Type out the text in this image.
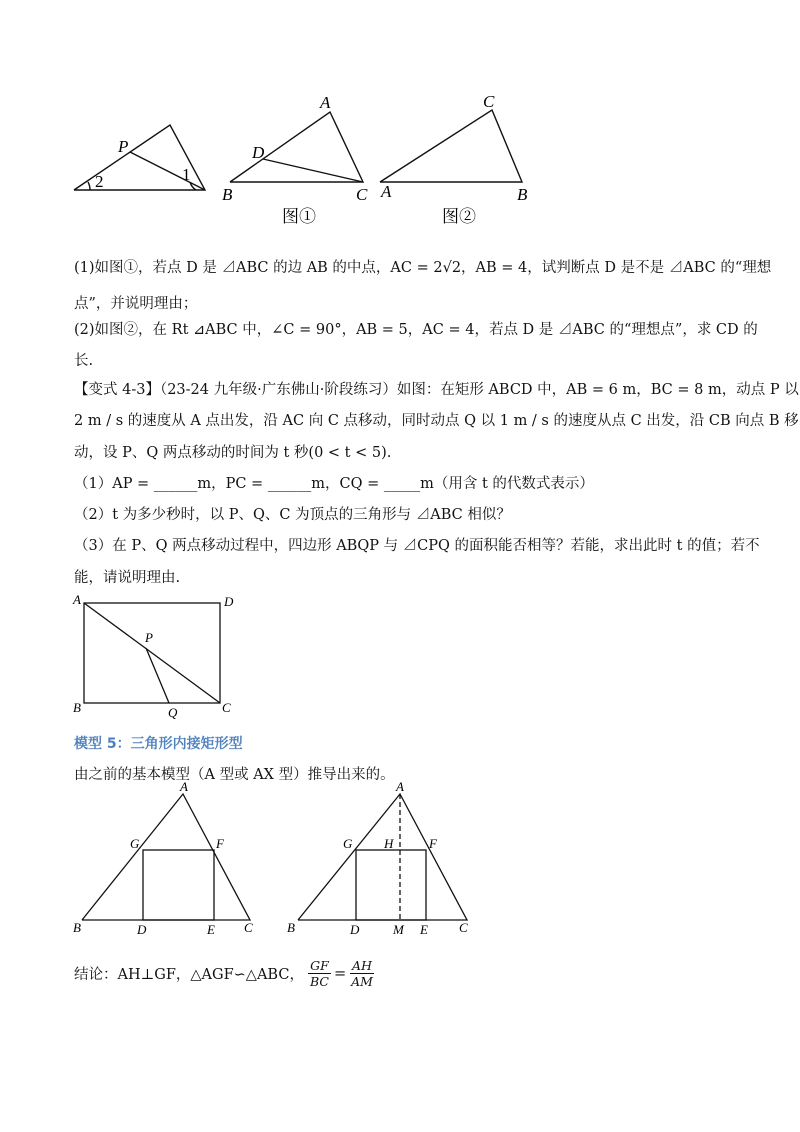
P
2	1
A
D
B	C
图①
C
A	B
图②
(1)如图①，若点 D 是 ⊿ABC 的边 AB 的中点，AC = 2√2，AB = 4，试判断点 D 是不是 ⊿ABC 的“理想
点”，并说明理由；
(2)如图②，在 Rt ⊿ABC 中，∠C = 90°，AB = 5，AC = 4，若点 D 是 ⊿ABC 的“理想点”，求 CD 的
长.
【变式 4-3】（23-24 九年级·广东佛山·阶段练习）如图：在矩形 ABCD 中，AB = 6 m，BC = 8 m，动点 P 以
2 m / s 的速度从 A 点出发，沿 AC 向 C 点移动，同时动点 Q 以 1 m / s 的速度从点 C 出发，沿 CB 向点 B 移
动，设 P、Q 两点移动的时间为 t 秒(0 < t < 5).
（1）AP = ______m，PC = ______m，CQ = _____m（用含 t 的代数式表示）
（2）t 为多少秒时，以 P、Q、C 为顶点的三角形与 ⊿ABC 相似？
（3）在 P、Q 两点移动过程中，四边形 ABQP 与 ⊿CPQ 的面积能否相等？若能，求出此时 t 的值；若不
能，请说明理由.
A	D
P
B	Q	C
模型 5：三角形内接矩形型
由之前的基本模型（A 型或 AX 型）推导出来的。
A
G	F
B	D	E C
A
G H	F
B	D	M E C
结论：AH⊥GF，△AGF∽△ABC， $\frac{GF}{BC} = \frac{AH}{AM}$
